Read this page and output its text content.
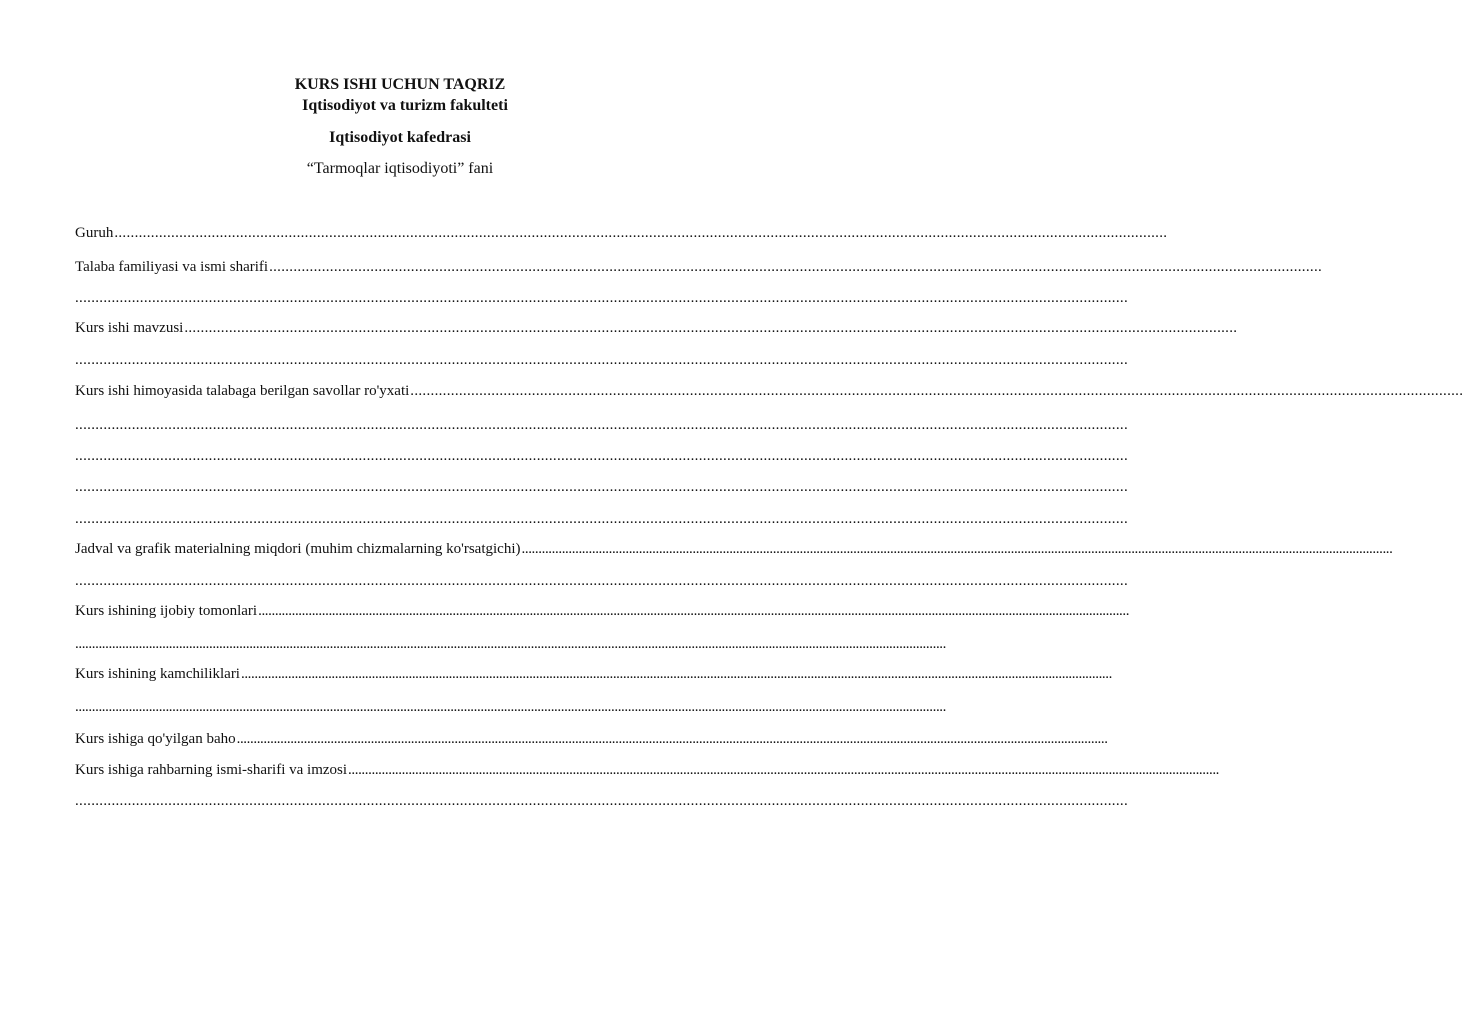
KURS ISHI UCHUN TAQRIZ
Iqtisodiyot va turizm fakulteti
Iqtisodiyot kafedrasi
“Tarmoqlar iqtisodiyoti” fani
Guruh ....................................................................................................................................................................................................................................................................
Talaba familiyasi va ismi sharifi ....................................................................................................................................................................................................................................................................
....................................................................................................................................................................................................................................................................
Kurs ishi mavzusi ....................................................................................................................................................................................................................................................................
....................................................................................................................................................................................................................................................................
Kurs ishi himoyasida talabaga berilgan savollar ro'yxati ....................................................................................................................................................................................................................................................................
....................................................................................................................................................................................................................................................................
....................................................................................................................................................................................................................................................................
....................................................................................................................................................................................................................................................................
....................................................................................................................................................................................................................................................................
Jadval va grafik materialning miqdori (muhim chizmalarning ko'rsatgichi) ....................................................................................................................................................................................................................................................................
....................................................................................................................................................................................................................................................................
Kurs ishining ijobiy tomonlari ....................................................................................................................................................................................................................................................................
....................................................................................................................................................................................................................................................................
Kurs ishining kamchiliklari ....................................................................................................................................................................................................................................................................
....................................................................................................................................................................................................................................................................
Kurs ishiga qo'yilgan baho ....................................................................................................................................................................................................................................................................
Kurs ishiga rahbarning ismi-sharifi va imzosi ....................................................................................................................................................................................................................................................................
....................................................................................................................................................................................................................................................................
